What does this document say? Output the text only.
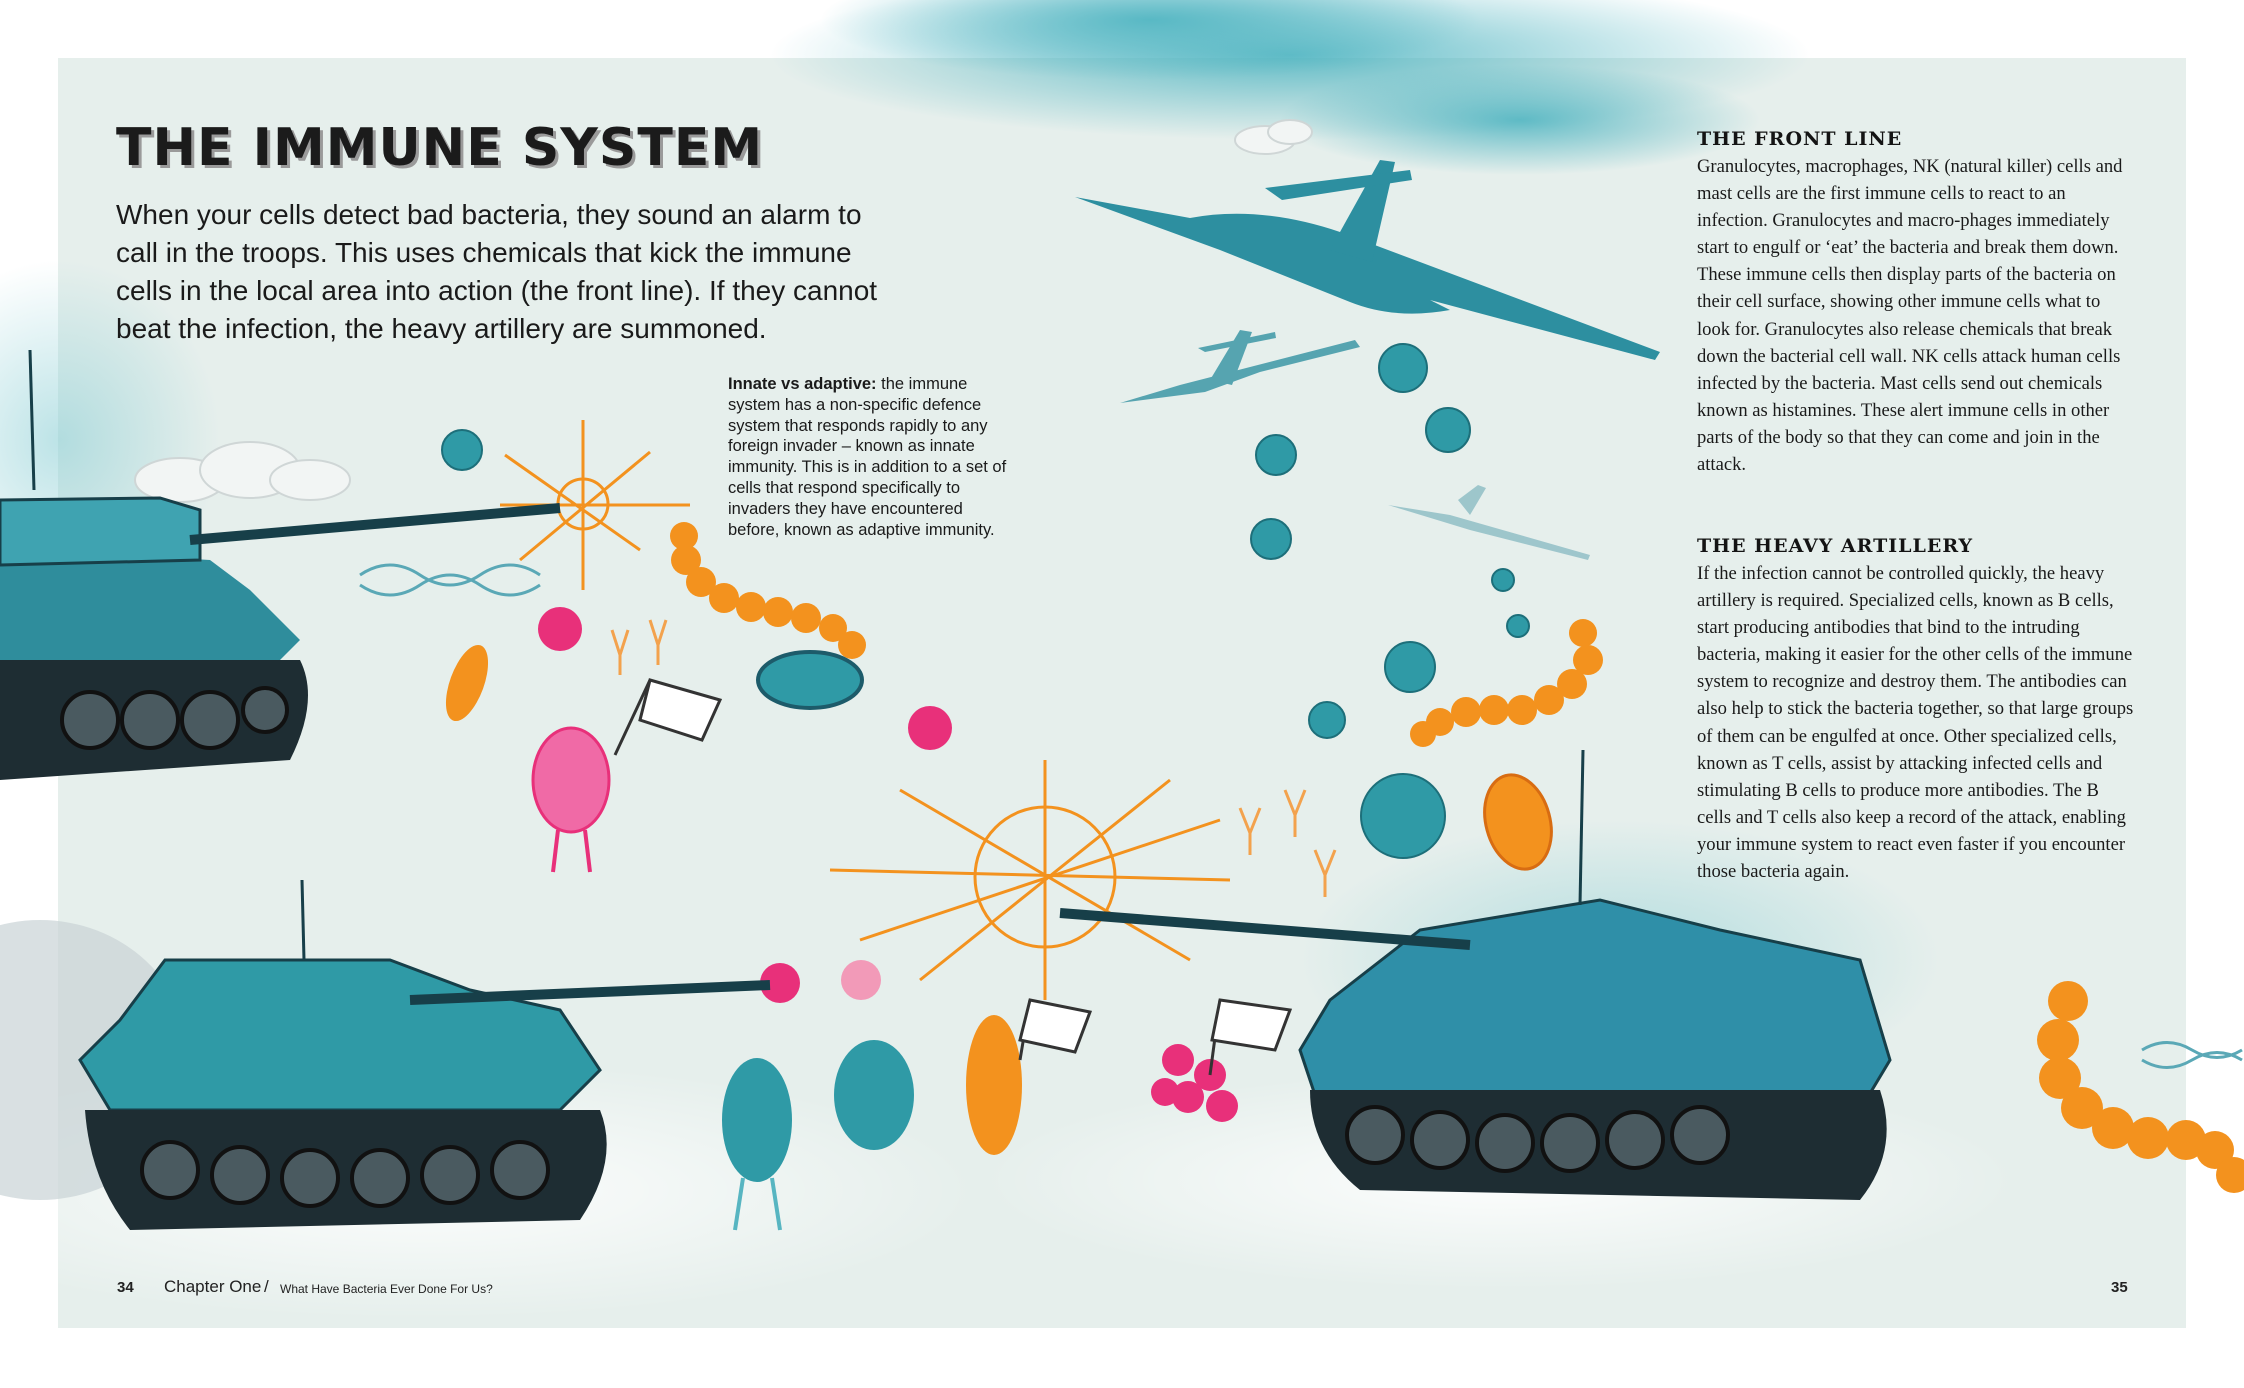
THE IMMUNE SYSTEM

When your cells detect bad bacteria, they sound an alarm to call in the troops. This uses chemicals that kick the immune cells in the local area into action (the front line). If they cannot beat the infection, the heavy artillery are summoned.

Innate vs adaptive: the immune system has a non-specific defence system that responds rapidly to any foreign invader – known as innate immunity. This is in addition to a set of cells that respond specifically to invaders they have encountered before, known as adaptive immunity.

THE FRONT LINE

Granulocytes, macrophages, NK (natural killer) cells and mast cells are the first immune cells to react to an infection. Granulocytes and macro-phages immediately start to engulf or ‘eat’ the bacteria and break them down. These immune cells then display parts of the bacteria on their cell surface, showing other immune cells what to look for. Granulocytes also release chemicals that break down the bacterial cell wall. NK cells attack human cells infected by the bacteria. Mast cells send out chemicals known as histamines. These alert immune cells in other parts of the body so that they can come and join in the attack.

THE HEAVY ARTILLERY

If the infection cannot be controlled quickly, the heavy artillery is required. Specialized cells, known as B cells, start producing antibodies that bind to the intruding bacteria, making it easier for the other cells of the immune system to recognize and destroy them. The antibodies can also help to stick the bacteria together, so that large groups of them can be engulfed at once. Other specialized cells, known as T cells, assist by attacking infected cells and stimulating B cells to produce more antibodies. The B cells and T cells also keep a record of the attack, enabling your immune system to react even faster if you encounter those bacteria again.

34 Chapter One / What Have Bacteria Ever Done For Us?	35
